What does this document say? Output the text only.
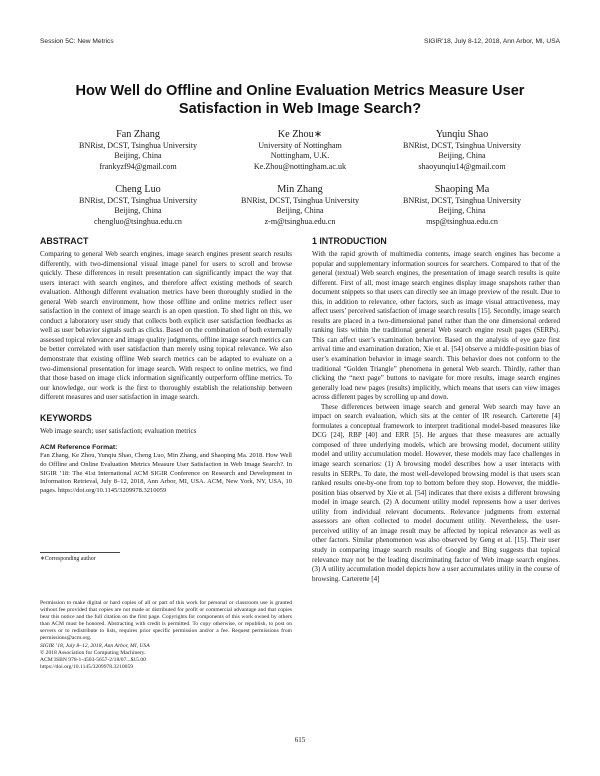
Session 5C: New Metrics	SIGIR’18, July 8-12, 2018, Ann Arbor, MI, USA
How Well do Offline and Online Evaluation Metrics Measure User Satisfaction in Web Image Search?
Fan Zhang
BNRist, DCST, Tsinghua University
Beijing, China
frankyzf94@gmail.com
Ke Zhou∗
University of Nottingham
Nottingham, U.K.
Ke.Zhou@nottingham.ac.uk
Yunqiu Shao
BNRist, DCST, Tsinghua University
Beijing, China
shaoyunqiu14@gmail.com
Cheng Luo
BNRist, DCST, Tsinghua University
Beijing, China
chengluo@tsinghua.edu.cn
Min Zhang
BNRist, DCST, Tsinghua University
Beijing, China
z-m@tsinghua.edu.cn
Shaoping Ma
BNRist, DCST, Tsinghua University
Beijing, China
msp@tsinghua.edu.cn
ABSTRACT
Comparing to general Web search engines, image search engines present search results differently, with two-dimensional visual image panel for users to scroll and browse quickly. These differences in result presentation can significantly impact the way that users interact with search engines, and therefore affect existing methods of search evaluation. Although different evaluation metrics have been thoroughly studied in the general Web search environment, how those offline and online metrics reflect user satisfaction in the context of image search is an open question. To shed light on this, we conduct a laboratory user study that collects both explicit user satisfaction feedbacks as well as user behavior signals such as clicks. Based on the combination of both externally assessed topical relevance and image quality judgments, offline image search metrics can be better correlated with user satisfaction than merely using topical relevance. We also demonstrate that existing offline Web search metrics can be adapted to evaluate on a two-dimensional presentation for image search. With respect to online metrics, we find that those based on image click information significantly outperform offline metrics. To our knowledge, our work is the first to thoroughly establish the relationship between different measures and user satisfaction in image search.
KEYWORDS
Web image search; user satisfaction; evaluation metrics
ACM Reference Format:
Fan Zhang, Ke Zhou, Yunqiu Shao, Cheng Luo, Min Zhang, and Shaoping Ma. 2018. How Well do Offline and Online Evaluation Metrics Measure User Satisfaction in Web Image Search?. In SIGIR ’18: The 41st International ACM SIGIR Conference on Research and Development in Information Retrieval, July 8–12, 2018, Ann Arbor, MI, USA. ACM, New York, NY, USA, 10 pages. https://doi.org/10.1145/3209978.3210059
∗Corresponding author
Permission to make digital or hard copies of all or part of this work for personal or classroom use is granted without fee provided that copies are not made or distributed for profit or commercial advantage and that copies bear this notice and the full citation on the first page. Copyrights for components of this work owned by others than ACM must be honored. Abstracting with credit is permitted. To copy otherwise, or republish, to post on servers or to redistribute to lists, requires prior specific permission and/or a fee. Request permissions from permissions@acm.org.
SIGIR ’18, July 8–12, 2018, Ann Arbor, MI, USA
© 2018 Association for Computing Machinery.
ACM ISBN 978-1-4503-5657-2/18/07...$15.00
https://doi.org/10.1145/3209978.3210059
1 INTRODUCTION
With the rapid growth of multimedia contents, image search engines has become a popular and supplementary information sources for searchers. Compared to that of the general (textual) Web search engines, the presentation of image search results is quite different. First of all, most image search engines display image snapshots rather than document snippets so that users can directly see an image preview of the result. Due to this, in addition to relevance, other factors, such as image visual attractiveness, may affect users’ perceived satisfaction of image search results [15]. Secondly, image search results are placed in a two-dimensional panel rather than the one dimensional ordered ranking lists within the traditional general Web search engine result pages (SERPs). This can affect user’s examination behavior. Based on the analysis of eye gaze first arrival time and examination duration, Xie et al. [54] observe a middle-position bias of user’s examination behavior in image search. This behavior does not conform to the traditional “Golden Triangle” phenomena in general Web search. Thirdly, rather than clicking the “next page” buttons to navigate for more results, image search engines generally load new pages (results) implicitly, which means that users can view images across different pages by scrolling up and down.
These differences between image search and general Web search may have an impact on search evaluation, which sits at the center of IR research. Carterette [4] formulates a conceptual framework to interpret traditional model-based measures like DCG [24], RBP [40] and ERR [5]. He argues that these measures are actually composed of three underlying models, which are browsing model, document utility model and utility accumulation model. However, these models may face challenges in image search scenarios: (1) A browsing model describes how a user interacts with results in SERPs. To date, the most well-developed browsing model is that users scan ranked results one-by-one from top to bottom before they stop. However, the middle-position bias observed by Xie et al. [54] indicates that there exists a different browsing model in image search. (2) A document utility model represents how a user derives utility from individual relevant documents. Relevance judgments from external assessors are often collected to model document utility. Nevertheless, the user-perceived utility of an image result may be affected by topical relevance as well as other factors. Similar phenomenon was also observed by Geng et al. [15]. Their user study in comparing image search results of Google and Bing suggests that topical relevance may not be the leading discriminating factor of Web image search engines. (3) A utility accumulation model depicts how a user accumulates utility in the course of browsing. Carterette [4]
615
